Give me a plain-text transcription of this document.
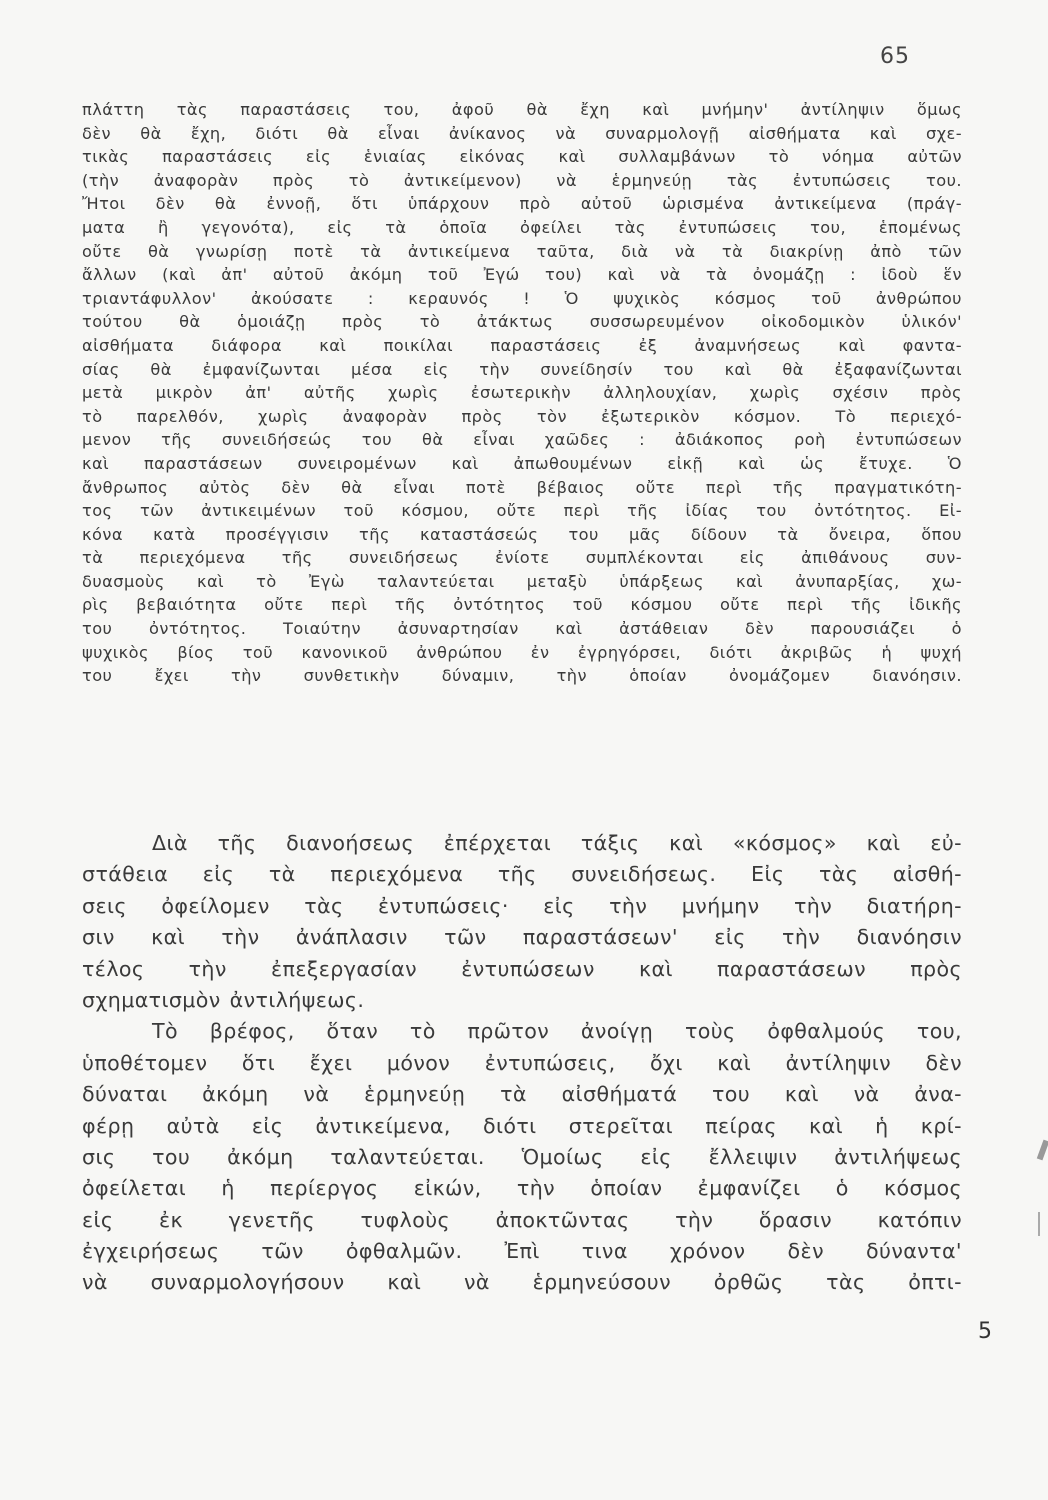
65
πλάττη τὰς παραστάσεις του, ἀφοῦ θὰ ἔχη καὶ μνήμην' ἀντίληψιν ὅμως
δὲν θὰ ἔχη, διότι θὰ εἶναι ἀνίκανος νὰ συναρμολογῇ αἰσθήματα καὶ σχε-
τικὰς παραστάσεις εἰς ἑνιαίας εἰκόνας καὶ συλλαμβάνων τὸ νόημα αὐτῶν
(τὴν ἀναφορὰν πρὸς τὸ ἀντικείμενον) νὰ ἑρμηνεύῃ τὰς ἐντυπώσεις του.
Ἤτοι δὲν θὰ ἐννοῇ, ὅτι ὑπάρχουν πρὸ αὐτοῦ ὡρισμένα ἀντικείμενα (πράγ-
ματα ἢ γεγονότα), εἰς τὰ ὁποῖα ὀφείλει τὰς ἐντυπώσεις του, ἑπομένως
οὔτε θὰ γνωρίσῃ ποτὲ τὰ ἀντικείμενα ταῦτα, διὰ νὰ τὰ διακρίνῃ ἀπὸ τῶν
ἄλλων (καὶ ἀπ' αὐτοῦ ἀκόμη τοῦ Ἐγώ του) καὶ νὰ τὰ ὀνομάζῃ : ἰδοὺ ἕν
τριαντάφυλλον' ἀκούσατε : κεραυνός ! Ὁ ψυχικὸς κόσμος τοῦ ἀνθρώπου
τούτου θὰ ὁμοιάζῃ πρὸς τὸ ἀτάκτως συσσωρευμένον οἰκοδομικὸν ὑλικόν'
αἰσθήματα διάφορα καὶ ποικίλαι παραστάσεις ἐξ ἀναμνήσεως καὶ φαντα-
σίας θὰ ἐμφανίζωνται μέσα εἰς τὴν συνείδησίν του καὶ θὰ ἐξαφανίζωνται
μετὰ μικρὸν ἀπ' αὐτῆς χωρὶς ἐσωτερικὴν ἀλληλουχίαν, χωρὶς σχέσιν πρὸς
τὸ παρελθόν, χωρὶς ἀναφορὰν πρὸς τὸν ἐξωτερικὸν κόσμον. Τὸ περιεχό-
μενον τῆς συνειδήσεώς του θὰ εἶναι χαῶδες : ἀδιάκοπος ροὴ ἐντυπώσεων
καὶ παραστάσεων συνειρομένων καὶ ἀπωθουμένων εἰκῇ καὶ ὡς ἔτυχε. Ὁ
ἄνθρωπος αὐτὸς δὲν θὰ εἶναι ποτὲ βέβαιος οὔτε περὶ τῆς πραγματικότη-
τος τῶν ἀντικειμένων τοῦ κόσμου, οὔτε περὶ τῆς ἰδίας του ὀντότητος. Εἰ-
κόνα κατὰ προσέγγισιν τῆς καταστάσεώς του μᾶς δίδουν τὰ ὄνειρα, ὅπου
τὰ περιεχόμενα τῆς συνειδήσεως ἐνίοτε συμπλέκονται εἰς ἀπιθάνους συν-
δυασμοὺς καὶ τὸ Ἐγὼ ταλαντεύεται μεταξὺ ὑπάρξεως καὶ ἀνυπαρξίας, χω-
ρὶς βεβαιότητα οὔτε περὶ τῆς ὀντότητος τοῦ κόσμου οὔτε περὶ τῆς ἰδικῆς
του ὀντότητος. Τοιαύτην ἀσυναρτησίαν καὶ ἀστάθειαν δὲν παρουσιάζει ὁ
ψυχικὸς βίος τοῦ κανονικοῦ ἀνθρώπου ἐν ἐγρηγόρσει, διότι ἀκριβῶς ἡ ψυχή
του ἔχει τὴν συνθετικὴν δύναμιν, τὴν ὁποίαν ὀνομάζομεν διανόησιν.
Διὰ τῆς διανοήσεως ἐπέρχεται τάξις καὶ «κόσμος» καὶ εὐ-
στάθεια εἰς τὰ περιεχόμενα τῆς συνειδήσεως. Εἰς τὰς αἰσθή-
σεις ὀφείλομεν τὰς ἐντυπώσεις· εἰς τὴν μνήμην τὴν διατήρη-
σιν καὶ τὴν ἀνάπλασιν τῶν παραστάσεων' εἰς τὴν διανόησιν
τέλος τὴν ἐπεξεργασίαν ἐντυπώσεων καὶ παραστάσεων πρὸς
σχηματισμὸν ἀντιλήψεως.
Τὸ βρέφος, ὅταν τὸ πρῶτον ἀνοίγῃ τοὺς ὀφθαλμούς του,
ὑποθέτομεν ὅτι ἔχει μόνον ἐντυπώσεις, ὄχι καὶ ἀντίληψιν δὲν
δύναται ἀκόμη νὰ ἑρμηνεύῃ τὰ αἰσθήματά του καὶ νὰ ἀνα-
φέρῃ αὐτὰ εἰς ἀντικείμενα, διότι στερεῖται πείρας καὶ ἡ κρί-
σις του ἀκόμη ταλαντεύεται. Ὁμοίως εἰς ἔλλειψιν ἀντιλήψεως
ὀφείλεται ἡ περίεργος εἰκών, τὴν ὁποίαν ἐμφανίζει ὁ κόσμος
εἰς ἐκ γενετῆς τυφλοὺς ἀποκτῶντας τὴν ὅρασιν κατόπιν
ἐγχειρήσεως τῶν ὀφθαλμῶν. Ἐπὶ τινα χρόνον δὲν δύναντα'
νὰ συναρμολογήσουν καὶ νὰ ἑρμηνεύσουν ὀρθῶς τὰς ὀπτι-
5
